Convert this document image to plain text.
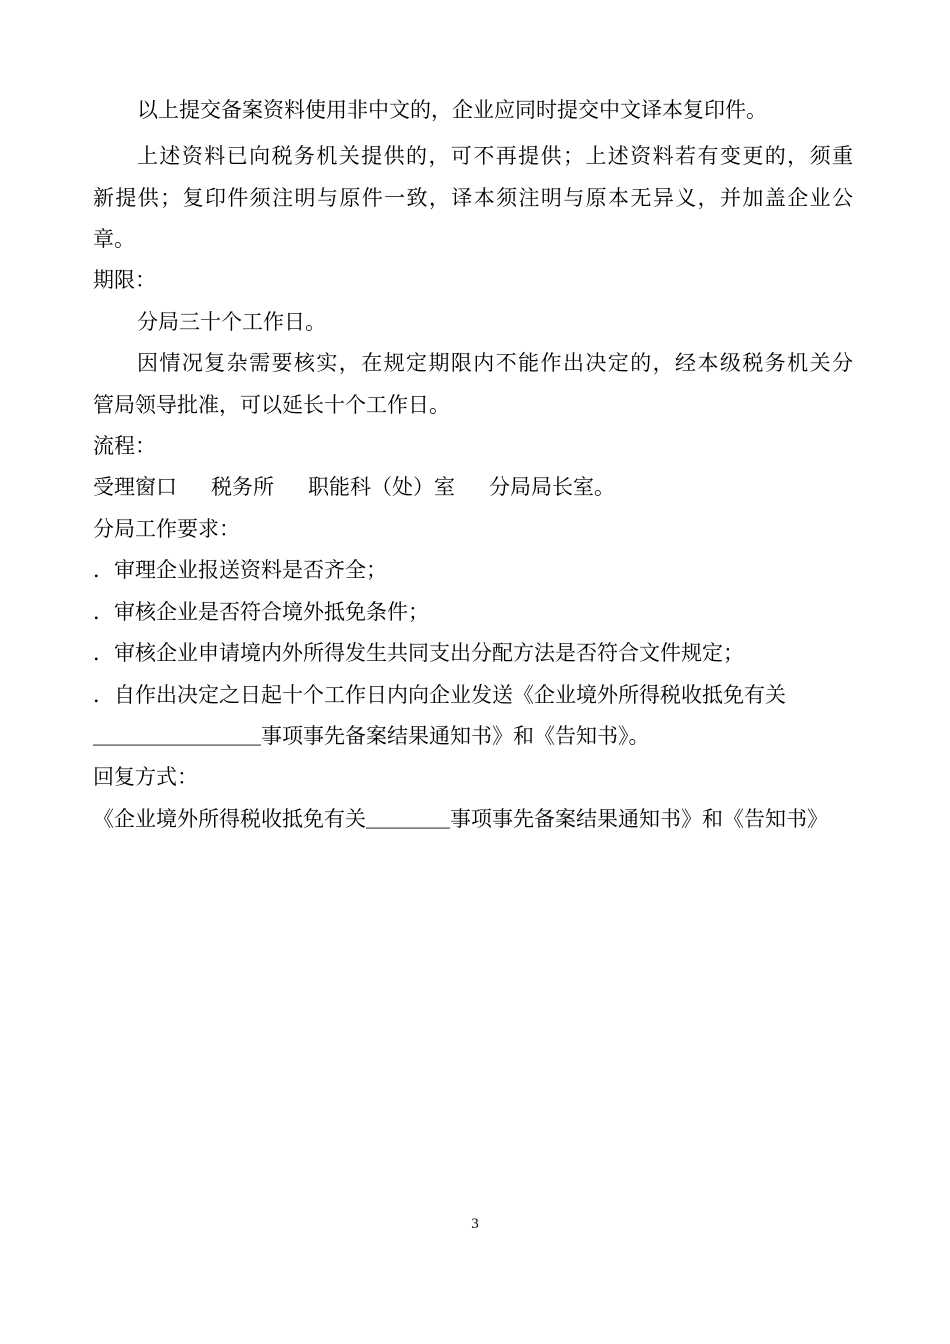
以上提交备案资料使用非中文的，企业应同时提交中文译本复印件。
上述资料已向税务机关提供的，可不再提供；上述资料若有变更的，须重
新提供；复印件须注明与原件一致，译本须注明与原本无异义，并加盖企业公
章。
期限：
分局三十个工作日。
因情况复杂需要核实，在规定期限内不能作出决定的，经本级税务机关分
管局领导批准，可以延长十个工作日。
流程：
受理窗口 税务所 职能科（处）室 分局局长室。
分局工作要求：
．审理企业报送资料是否齐全；
．审核企业是否符合境外抵免条件；
．审核企业申请境内外所得发生共同支出分配方法是否符合文件规定；
．自作出决定之日起十个工作日内向企业发送《企业境外所得税收抵免有关
＿＿＿＿＿＿＿＿事项事先备案结果通知书》和《告知书》。
回复方式：
《企业境外所得税收抵免有关＿＿＿＿事项事先备案结果通知书》和《告知书》
3
